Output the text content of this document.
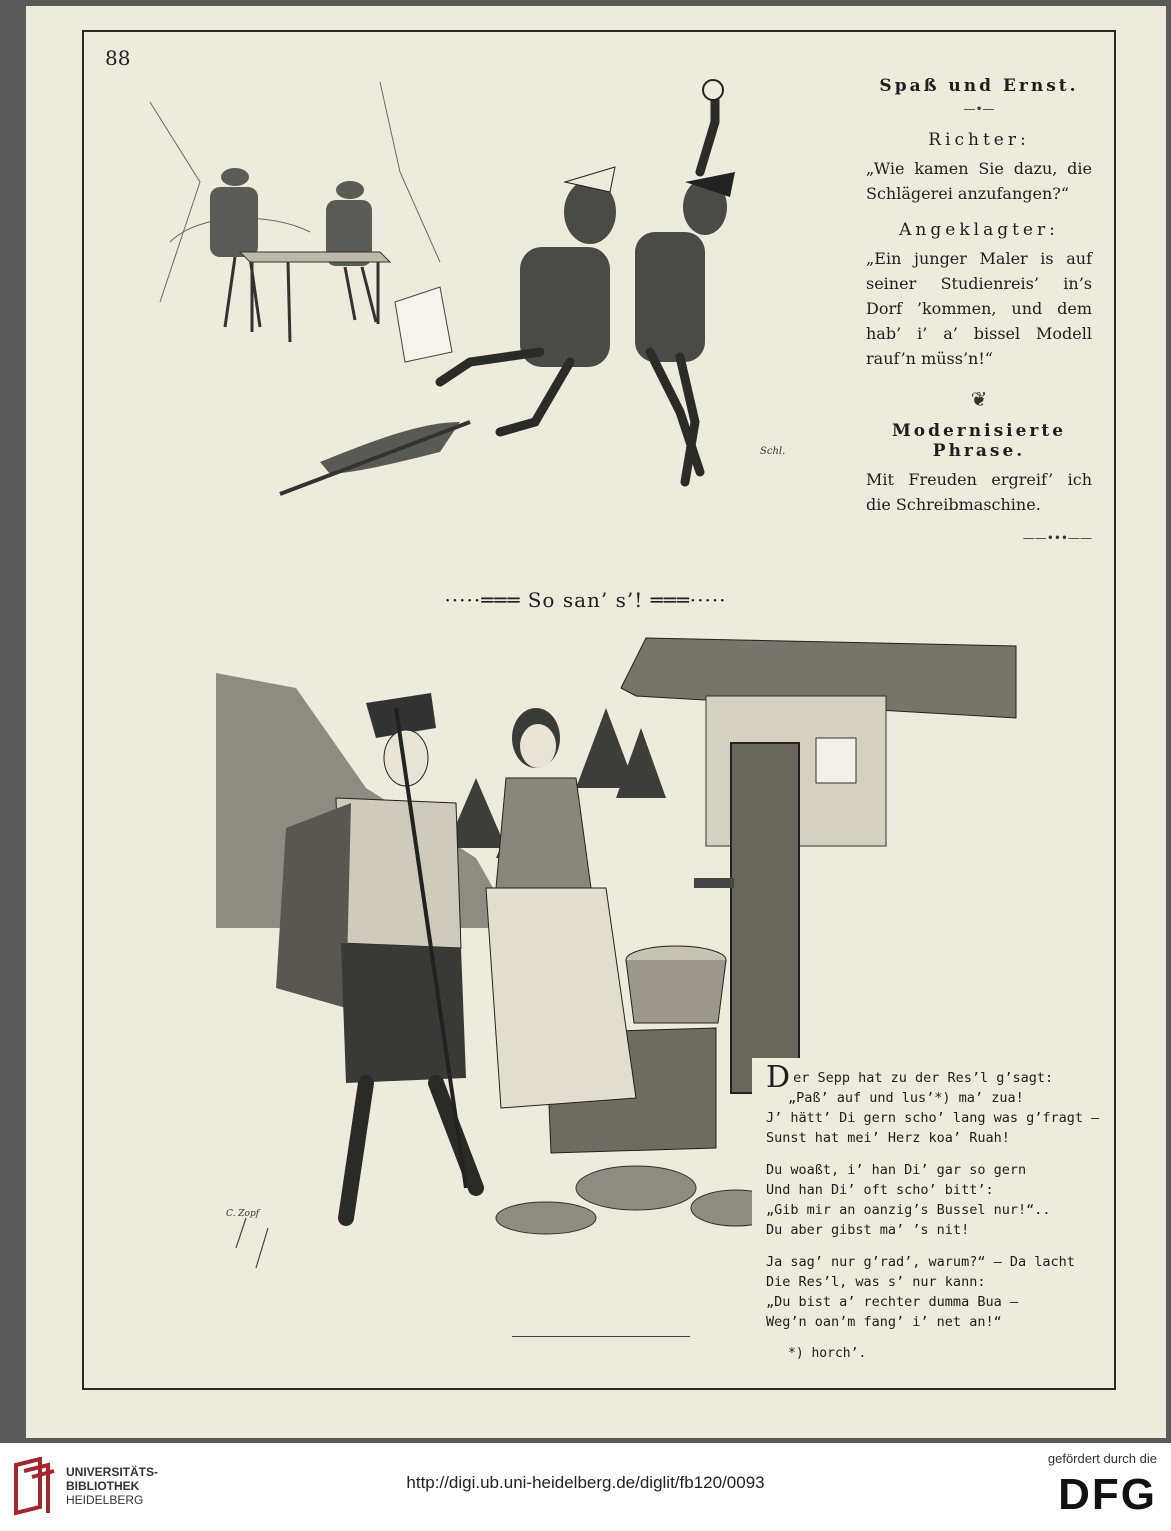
88
Schl.
Spaß und Ernst.
—•—
Richter:
„Wie kamen Sie dazu, die Schlägerei anzufangen?“
Angeklagter:
„Ein junger Maler is auf seiner Studienreis’ in’s Dorf ’kommen, und dem hab’ i’ a’ bissel Modell rauf’n müss’n!“
❦
Modernisierte Phrase.
Mit Freuden ergreif’ ich die Schreibmaschine.
——•••——
·····═══ So san’ s’! ═══·····
C. Zopf
D er Sepp hat zu der Res’l g’sagt:
„Paß’ auf und lus’*) ma’ zua!
J’ hätt’ Di gern scho’ lang was g’fragt —
Sunst hat mei’ Herz koa’ Ruah!
Du woaßt, i’ han Di’ gar so gern
Und han Di’ oft scho’ bitt’:
„Gib mir an oanzig’s Bussel nur!“..
Du aber gibst ma’ ’s nit!
Ja sag’ nur g’rad’, warum?“ — Da lacht
Die Res’l, was s’ nur kann:
„Du bist a’ rechter dumma Bua —
Weg’n oan’m fang’ i’ net an!“
*) horch’.
UNIVERSITÄTS-
BIBLIOTHEK
HEIDELBERG
http://digi.ub.uni-heidelberg.de/diglit/fb120/0093
gefördert durch die
DFG
